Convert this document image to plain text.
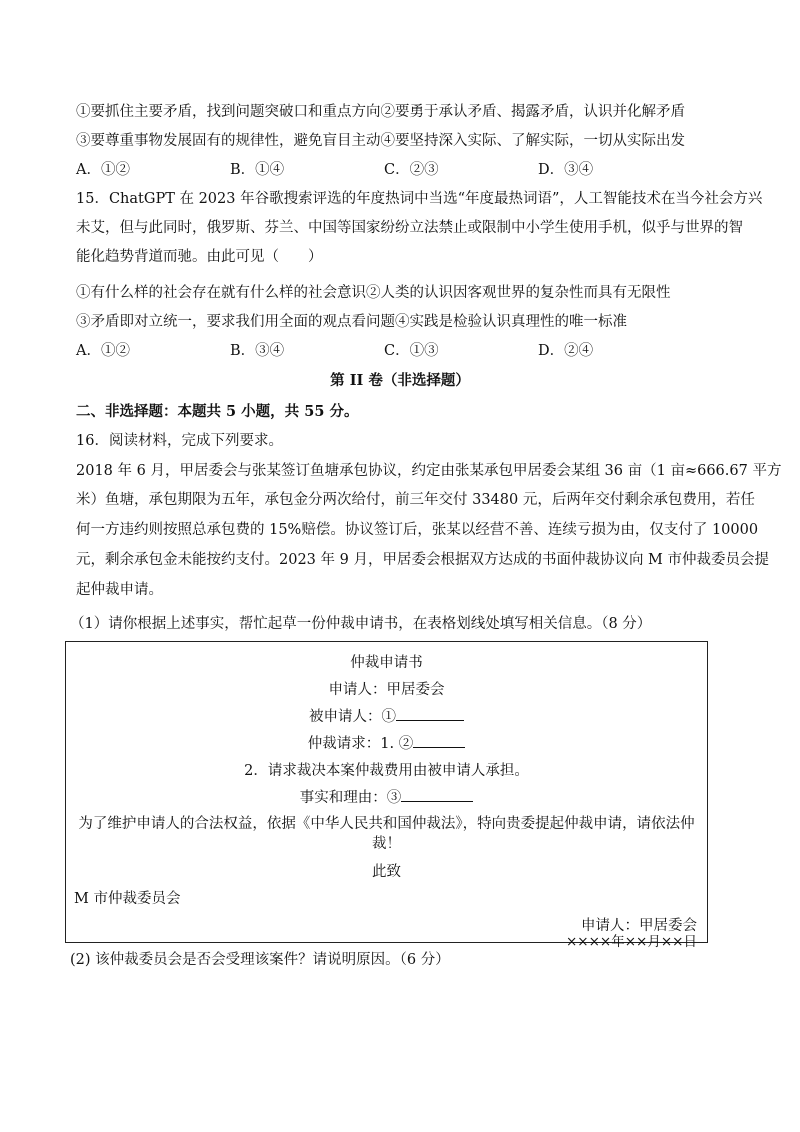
①要抓住主要矛盾，找到问题突破口和重点方向②要勇于承认矛盾、揭露矛盾，认识并化解矛盾
③要尊重事物发展固有的规律性，避免盲目主动④要坚持深入实际、了解实际，一切从实际出发
A．①②	B．①④	C．②③	D．③④
15．ChatGPT 在 2023 年谷歌搜索评选的年度热词中当选“年度最热词语”，人工智能技术在当今社会方兴
未艾，但与此同时，俄罗斯、芬兰、中国等国家纷纷立法禁止或限制中小学生使用手机，似乎与世界的智
能化趋势背道而驰。由此可见（　　）
①有什么样的社会存在就有什么样的社会意识②人类的认识因客观世界的复杂性而具有无限性
③矛盾即对立统一，要求我们用全面的观点看问题④实践是检验认识真理性的唯一标准
A．①②	B．③④	C．①③	D．②④
第 II 卷（非选择题）
二、非选择题：本题共 5 小题，共 55 分。
16．阅读材料，完成下列要求。
2018 年 6 月，甲居委会与张某签订鱼塘承包协议，约定由张某承包甲居委会某组 36 亩（1 亩≈666.67 平方
米）鱼塘，承包期限为五年，承包金分两次给付，前三年交付 33480 元，后两年交付剩余承包费用，若任
何一方违约则按照总承包费的 15%赔偿。协议签订后，张某以经营不善、连续亏损为由，仅支付了 10000
元，剩余承包金未能按约支付。2023 年 9 月，甲居委会根据双方达成的书面仲裁协议向 M 市仲裁委员会提
起仲裁申请。
（1）请你根据上述事实，帮忙起草一份仲裁申请书，在表格划线处填写相关信息。（8 分）
仲裁申请书
申请人：甲居委会
被申请人：①
仲裁请求：1. ②
2．请求裁决本案仲裁费用由被申请人承担。
事实和理由：③
为了维护申请人的合法权益，依据《中华人民共和国仲裁法》，特向贵委提起仲裁申请，请依法仲
裁！
此致
M 市仲裁委员会
申请人：甲居委会
××××年××月××日
(2) 该仲裁委员会是否会受理该案件？请说明原因。（6 分）
